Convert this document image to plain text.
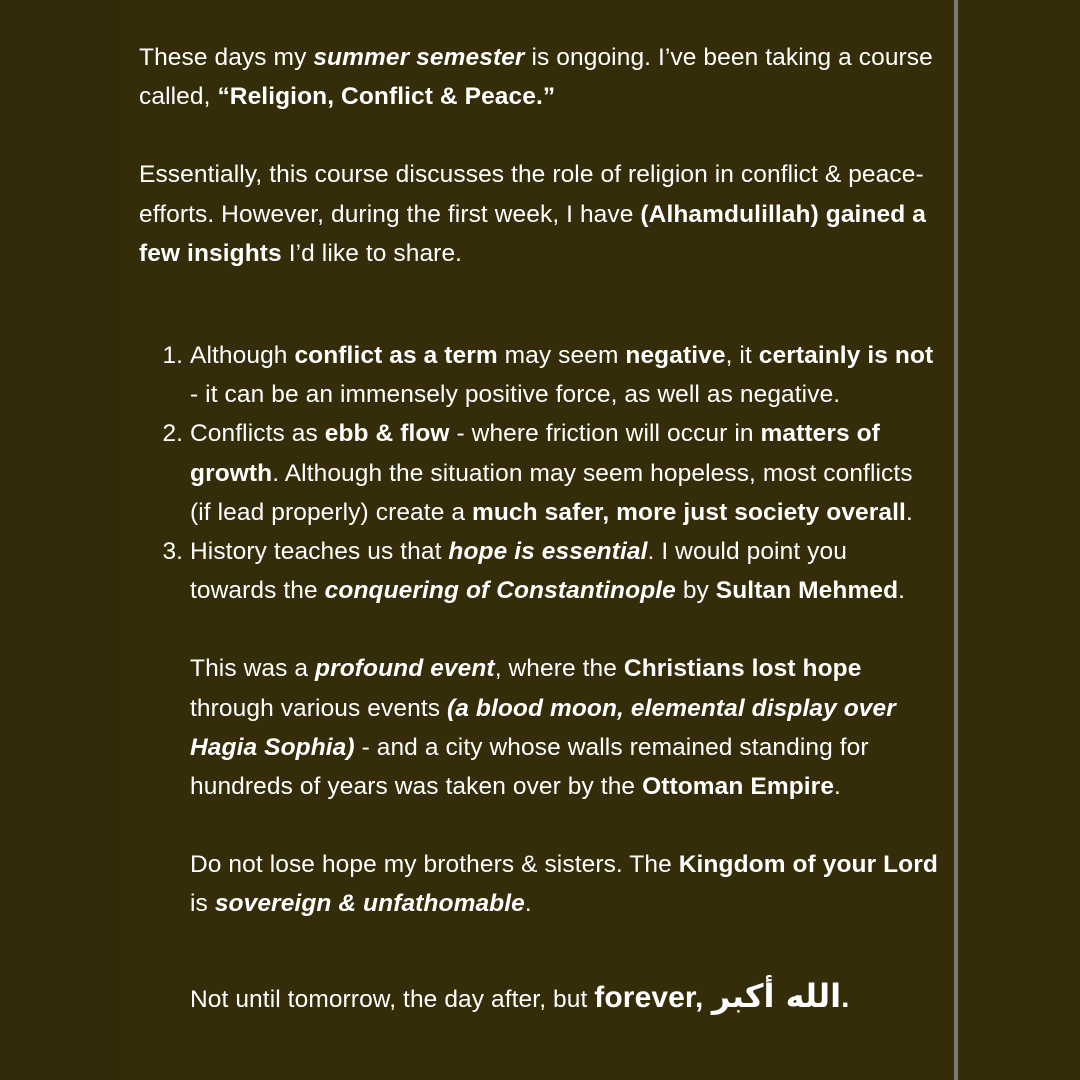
These days my summer semester is ongoing. I’ve been taking a course called, “Religion, Conflict & Peace.”

Essentially, this course discusses the role of religion in conflict & peace-efforts. However, during the first week, I have (Alhamdulillah) gained a few insights I’d like to share.

1. Although conflict as a term may seem negative, it certainly is not - it can be an immensely positive force, as well as negative.
2. Conflicts as ebb & flow - where friction will occur in matters of growth. Although the situation may seem hopeless, most conflicts (if lead properly) create a much safer, more just society overall.
3. History teaches us that hope is essential. I would point you towards the conquering of Constantinople by Sultan Mehmed.
This was a profound event, where the Christians lost hope through various events (a blood moon, elemental display over Hagia Sophia) - and a city whose walls remained standing for hundreds of years was taken over by the Ottoman Empire.
Do not lose hope my brothers & sisters. The Kingdom of your Lord is sovereign & unfathomable.
Not until tomorrow, the day after, but forever, الله أكبر.
